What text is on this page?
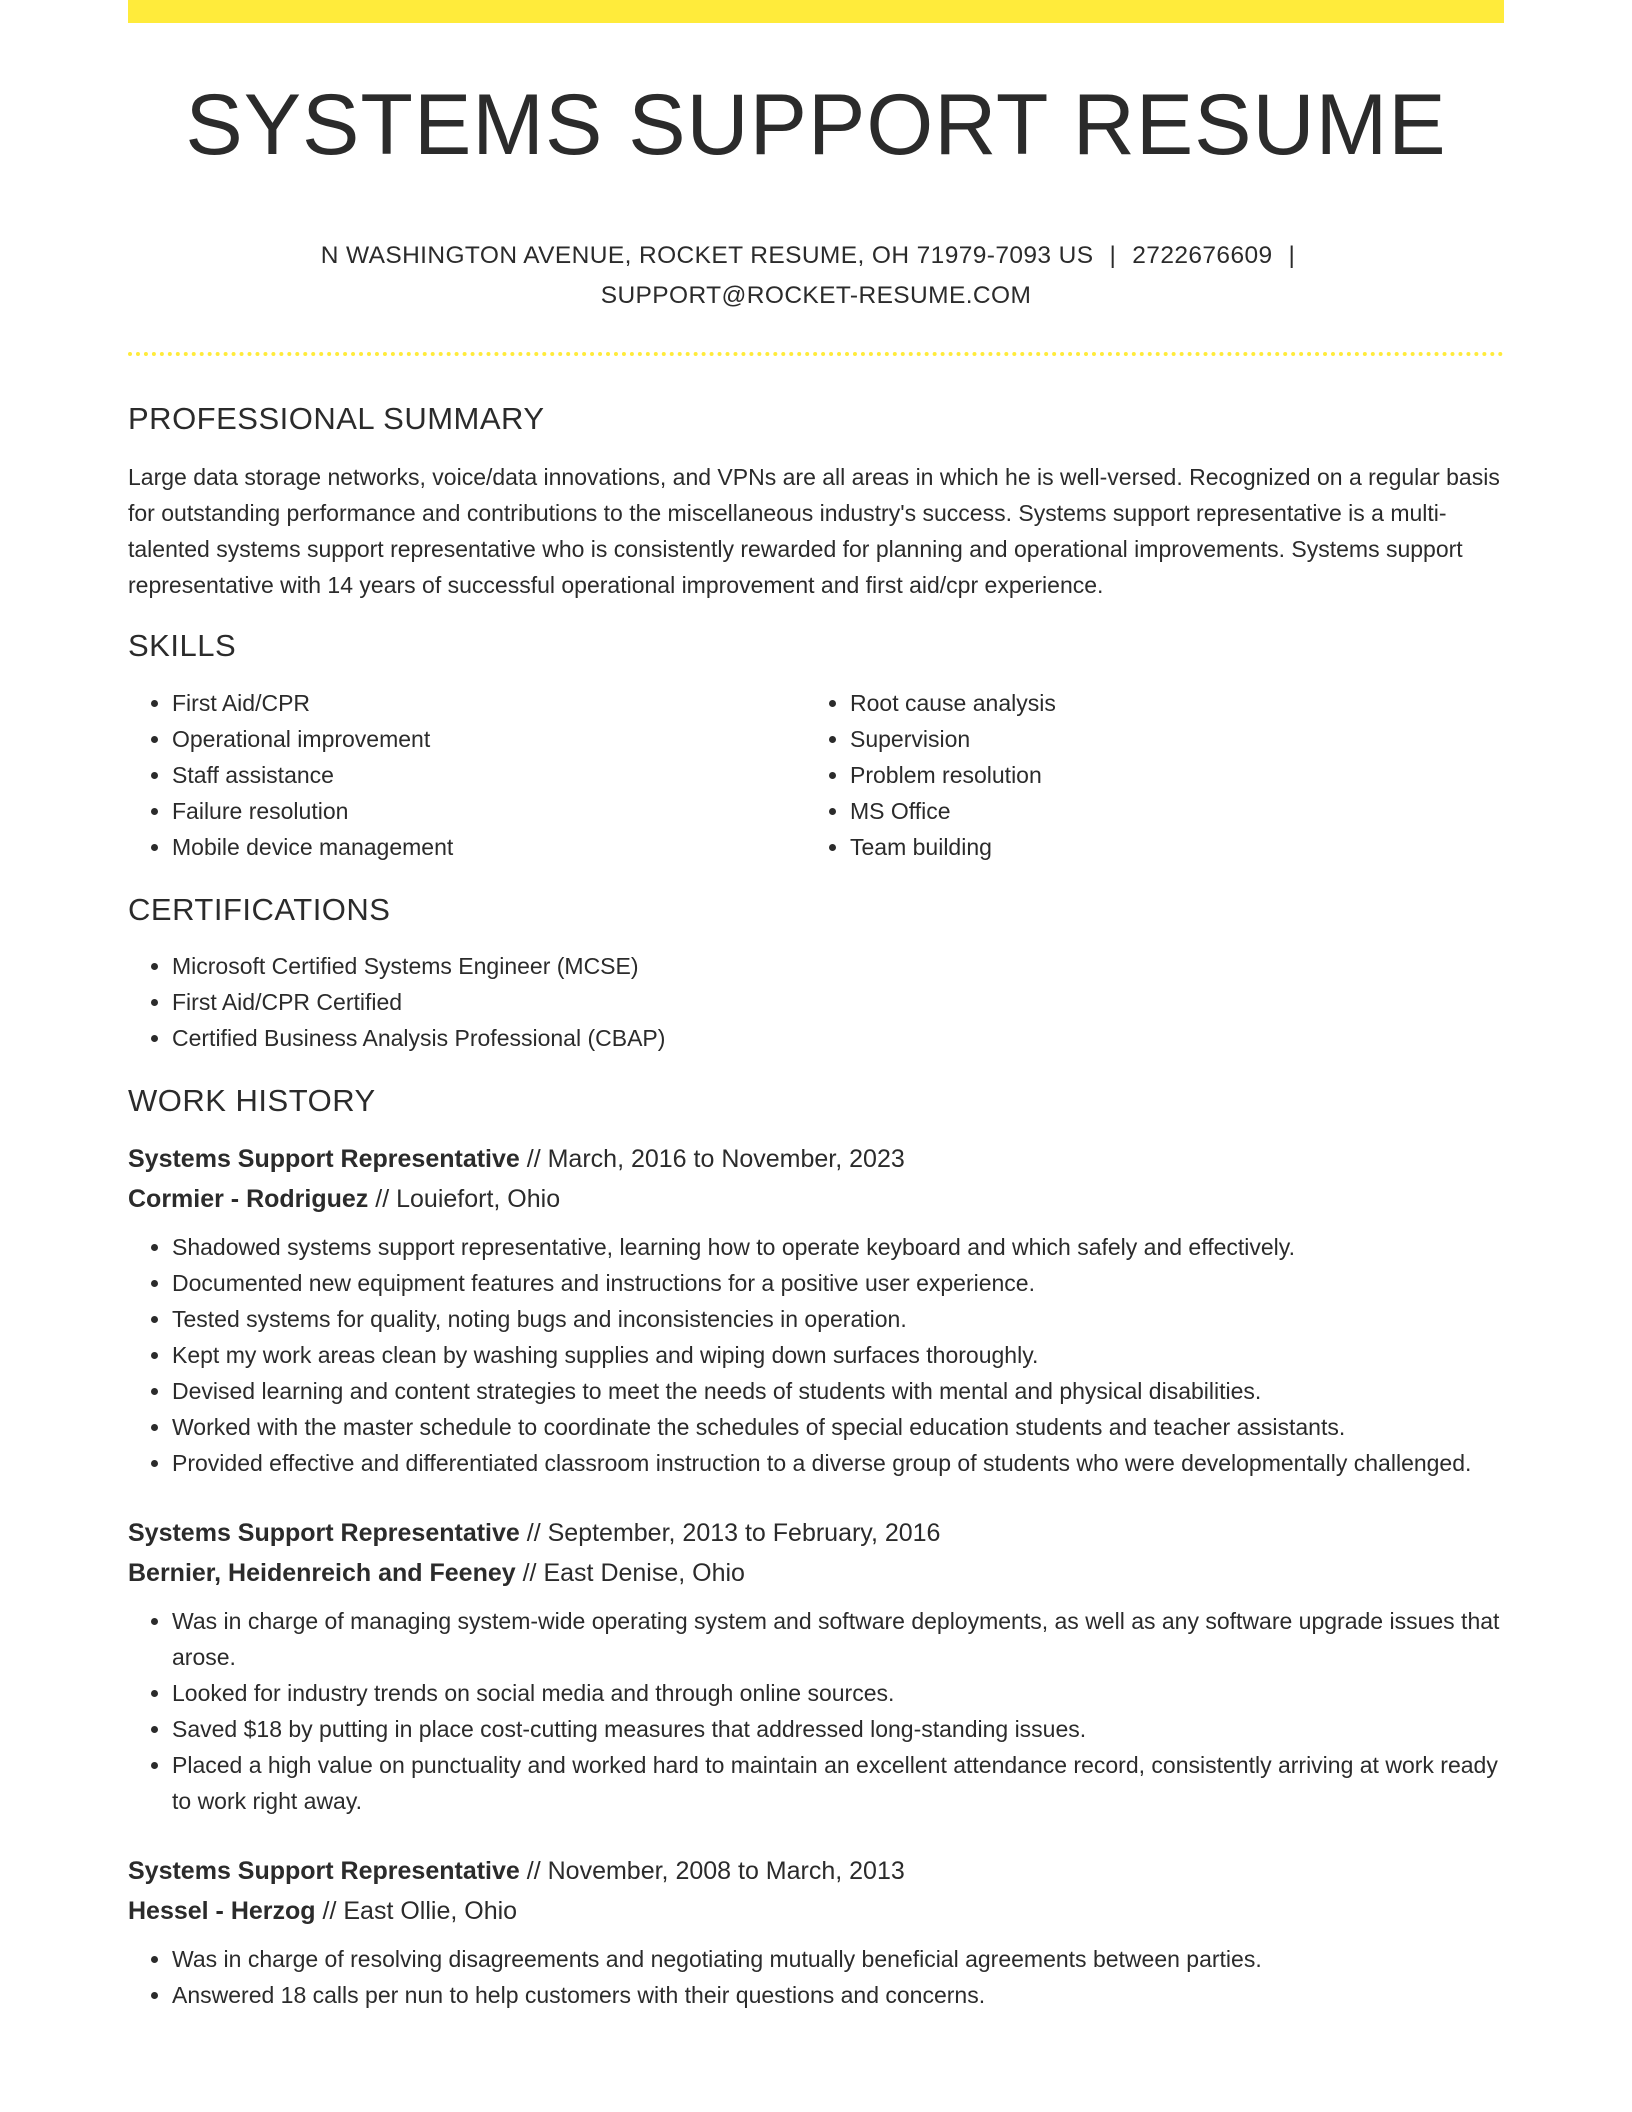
SYSTEMS SUPPORT RESUME
N WASHINGTON AVENUE, ROCKET RESUME, OH 71979-7093 US | 2722676609 |
SUPPORT@ROCKET-RESUME.COM
PROFESSIONAL SUMMARY

Large data storage networks, voice/data innovations, and VPNs are all areas in which he is well-versed. Recognized on a regular basis for outstanding performance and contributions to the miscellaneous industry's success. Systems support representative is a multi-talented systems support representative who is consistently rewarded for planning and operational improvements. Systems support representative with 14 years of successful operational improvement and first aid/cpr experience.

SKILLS
• First Aid/CPR
• Operational improvement
• Staff assistance
• Failure resolution
• Mobile device management
• Root cause analysis
• Supervision
• Problem resolution
• MS Office
• Team building
CERTIFICATIONS
• Microsoft Certified Systems Engineer (MCSE)
• First Aid/CPR Certified
• Certified Business Analysis Professional (CBAP)
WORK HISTORY
Systems Support Representative // March, 2016 to November, 2023
Cormier - Rodriguez // Louiefort, Ohio
• Shadowed systems support representative, learning how to operate keyboard and which safely and effectively.
• Documented new equipment features and instructions for a positive user experience.
• Tested systems for quality, noting bugs and inconsistencies in operation.
• Kept my work areas clean by washing supplies and wiping down surfaces thoroughly.
• Devised learning and content strategies to meet the needs of students with mental and physical disabilities.
• Worked with the master schedule to coordinate the schedules of special education students and teacher assistants.
• Provided effective and differentiated classroom instruction to a diverse group of students who were developmentally challenged.
Systems Support Representative // September, 2013 to February, 2016
Bernier, Heidenreich and Feeney // East Denise, Ohio
• Was in charge of managing system-wide operating system and software deployments, as well as any software upgrade issues that arose.
• Looked for industry trends on social media and through online sources.
• Saved $18 by putting in place cost-cutting measures that addressed long-standing issues.
• Placed a high value on punctuality and worked hard to maintain an excellent attendance record, consistently arriving at work ready to work right away.
Systems Support Representative // November, 2008 to March, 2013
Hessel - Herzog // East Ollie, Ohio
• Was in charge of resolving disagreements and negotiating mutually beneficial agreements between parties.
• Answered 18 calls per nun to help customers with their questions and concerns.
